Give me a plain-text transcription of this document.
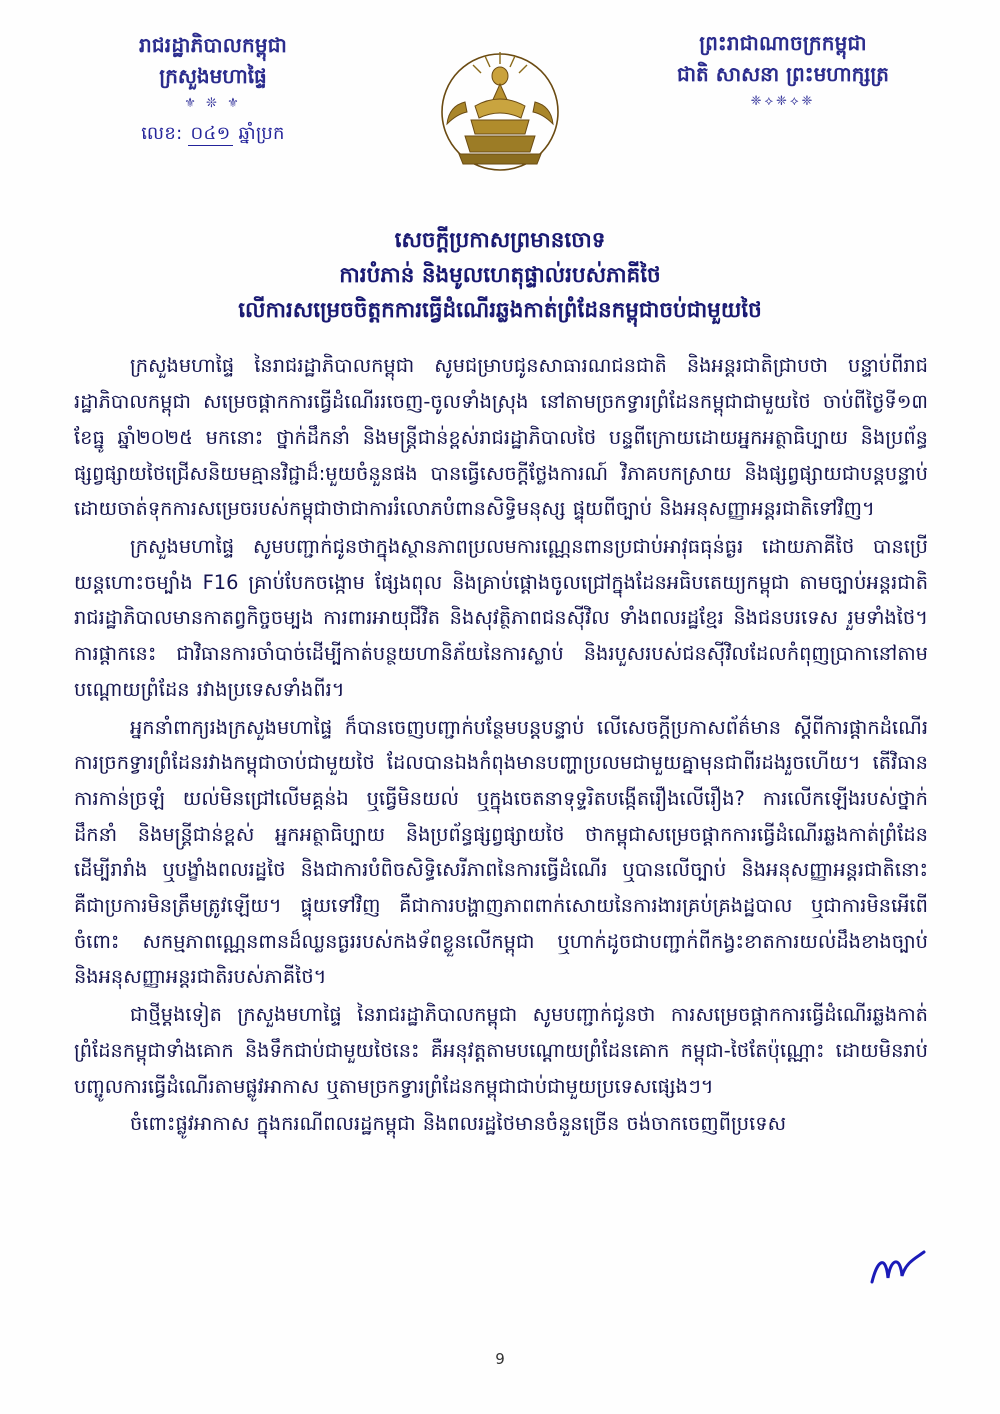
រាជរដ្ឋាភិបាលកម្ពុជា
ក្រសួងមហាផ្ទៃ
⚜ ❊ ⚜
លេខ: ០៤១ ឆ្នាំប្រក
ព្រះរាជាណាចក្រកម្ពុជា
ជាតិ សាសនា ព្រះមហាក្សត្រ
❈⟡❈⟡❈
សេចក្ដីប្រកាសព្រមានចោទ
ការបំភាន់ និងមូលហេតុផ្ទាល់របស់ភាគីថៃ
លើការសម្រេចចិត្តកការធ្វើដំណើរឆ្លងកាត់ព្រំដែនកម្ពុជាចប់ជាមួយថៃ

ក្រសួងមហាផ្ទៃ នៃរាជរដ្ឋាភិបាលកម្ពុជា សូមជម្រាបជូនសាធារណជនជាតិ និងអន្តរជាតិជ្រាបថា បន្ទាប់ពីរាជរដ្ឋាភិបាលកម្ពុជា សម្រេចផ្តាកការធ្វើដំណើររចេញ-ចូលទាំងស្រុង នៅតាមច្រកទ្វារព្រំដែនកម្ពុជាជាមួយថៃ ចាប់ពីថ្ងៃទី១៣ ខែធ្នូ ឆ្នាំ២០២៥ មកនោះ ថ្នាក់ដឹកនាំ និងមន្ត្រីជាន់ខ្ពស់រាជរដ្ឋាភិបាលថៃ បន្ទពីក្រោយដោយអ្នកអត្ថាធិប្បាយ និងប្រព័ន្ធផ្សព្វផ្សាយថៃជ្រើសនិយមគ្មានវិជ្ជាដ៏:មួយចំនួនផង បានធ្វើសេចក្ដីថ្លែងការណ៍ វិភាគបកស្រាយ និងផ្សព្វផ្សាយជាបន្តបន្ទាប់ ដោយចាត់ទុកការសម្រេចរបស់កម្ពុជាថាជាការរំលោភបំពានសិទ្ធិមនុស្ស ផ្ទុយពីច្បាប់ និងអនុសញ្ញាអន្តរជាតិទៅវិញ។

ក្រសួងមហាផ្ទៃ សូមបញ្ជាក់ជូនថាក្នុងស្ថានភាពប្រលមការណ្ណេនពានប្រជាប់អាវុធធុន់ធ្ងរ ដោយភាគីថៃ បានប្រើយន្តហោះចម្បាំង F16 គ្រាប់បែកចង្កោម ផ្សែងពុល និងគ្រាប់ផ្តោងចូលជ្រៅក្នុងដែនអធិបតេយ្យកម្ពុជា តាមច្បាប់អន្តរជាតិ រាជរដ្ឋាភិបាលមានកាតព្វកិច្ចចម្បង ការពារអាយុជីវិត និងសុវត្ថិភាពជនស៊ីវិល ទាំងពលរដ្ឋខ្មែរ និងជនបរទេស រួមទាំងថៃ។ ការផ្តាកនេះ ជាវិធានការចាំបាច់ដើម្បីកាត់បន្ថយហានិភ័យនៃការស្លាប់ និងរបួសរបស់ជនស៊ីវិលដែលកំពុញប្រាកានៅតាមបណ្ដោយព្រំដែន រវាងប្រទេសទាំងពីរ។

អ្នកនាំពាក្យរងក្រសួងមហាផ្ទៃ ក៏បានចេញបញ្ជាក់បន្ថែមបន្តបន្ទាប់ លើសេចក្ដីប្រកាសព័ត៌មាន ស្ដីពីការផ្តាកដំណើរការច្រកទ្វារព្រំដែនរវាងកម្ពុជាចាប់ជាមួយថៃ ដែលបានឯងកំពុងមានបញ្ហាប្រលមជាមួយគ្នាមុនជាពីរដងរួចហើយ។ តើវិធានការកាន់ច្រឡំ យល់មិនជ្រៅលើមគ្គន់ឯ ឬធ្វើមិនយល់ ឬក្នុងចេតនាទុទ្ទរិតបង្កើតរឿងលើរឿង? ការលើកឡើងរបស់ថ្នាក់ដឹកនាំ និងមន្ត្រីជាន់ខ្ពស់ អ្នកអត្ថាធិប្បាយ និងប្រព័ន្ធផ្សព្វផ្សាយថៃ ថាកម្ពុជាសម្រេចផ្តាកការធ្វើដំណើរឆ្លងកាត់ព្រំដែន ដើម្បីរារាំង ឬបង្ខាំងពលរដ្ឋថៃ និងជាការបំពិចសិទ្ធិសេរីភាពនៃការធ្វើដំណើរ ឬបានលើច្បាប់ និងអនុសញ្ញាអន្តរជាតិនោះ គឺជាប្រការមិនត្រឹមត្រូវឡើយ។ ផ្ទុយទៅវិញ គឺជាការបង្ហាញភាពពាក់សោយនៃការងារគ្រប់គ្រងដ្ឋបាល ឬជាការមិនអើពើចំពោះ សកម្មភាពណ្ណេនពានដ៏ឈ្លនធ្ងររបស់កងទ័ពខ្លួនលើកម្ពុជា ឬហាក់ដូចជាបញ្ជាក់ពីកង្វះខាតការយល់ដឹងខាងច្បាប់ និងអនុសញ្ញាអន្តរជាតិរបស់ភាគីថៃ។

ជាថ្មីម្ដងទៀត ក្រសួងមហាផ្ទៃ នៃរាជរដ្ឋាភិបាលកម្ពុជា សូមបញ្ជាក់ជូនថា ការសម្រេចផ្តាកការធ្វើដំណើរឆ្លងកាត់ព្រំដែនកម្ពុជាទាំងគោក និងទឹកជាប់ជាមួយថៃនេះ គឺអនុវត្តតាមបណ្ដោយព្រំដែនគោក កម្ពុជា-ថៃតែប៉ុណ្ណោះ ដោយមិនរាប់បញ្ចូលការធ្វើដំណើរតាមផ្លូវអាកាស ឬតាមច្រកទ្វារព្រំដែនកម្ពុជាជាប់ជាមួយប្រទេសផ្សេងៗ។

ចំពោះផ្លូវអាកាស ក្នុងករណីពលរដ្ឋកម្ពុជា និងពលរដ្ឋថៃមានចំនួនច្រើន ចង់ចាកចេញពីប្រទេស

9
